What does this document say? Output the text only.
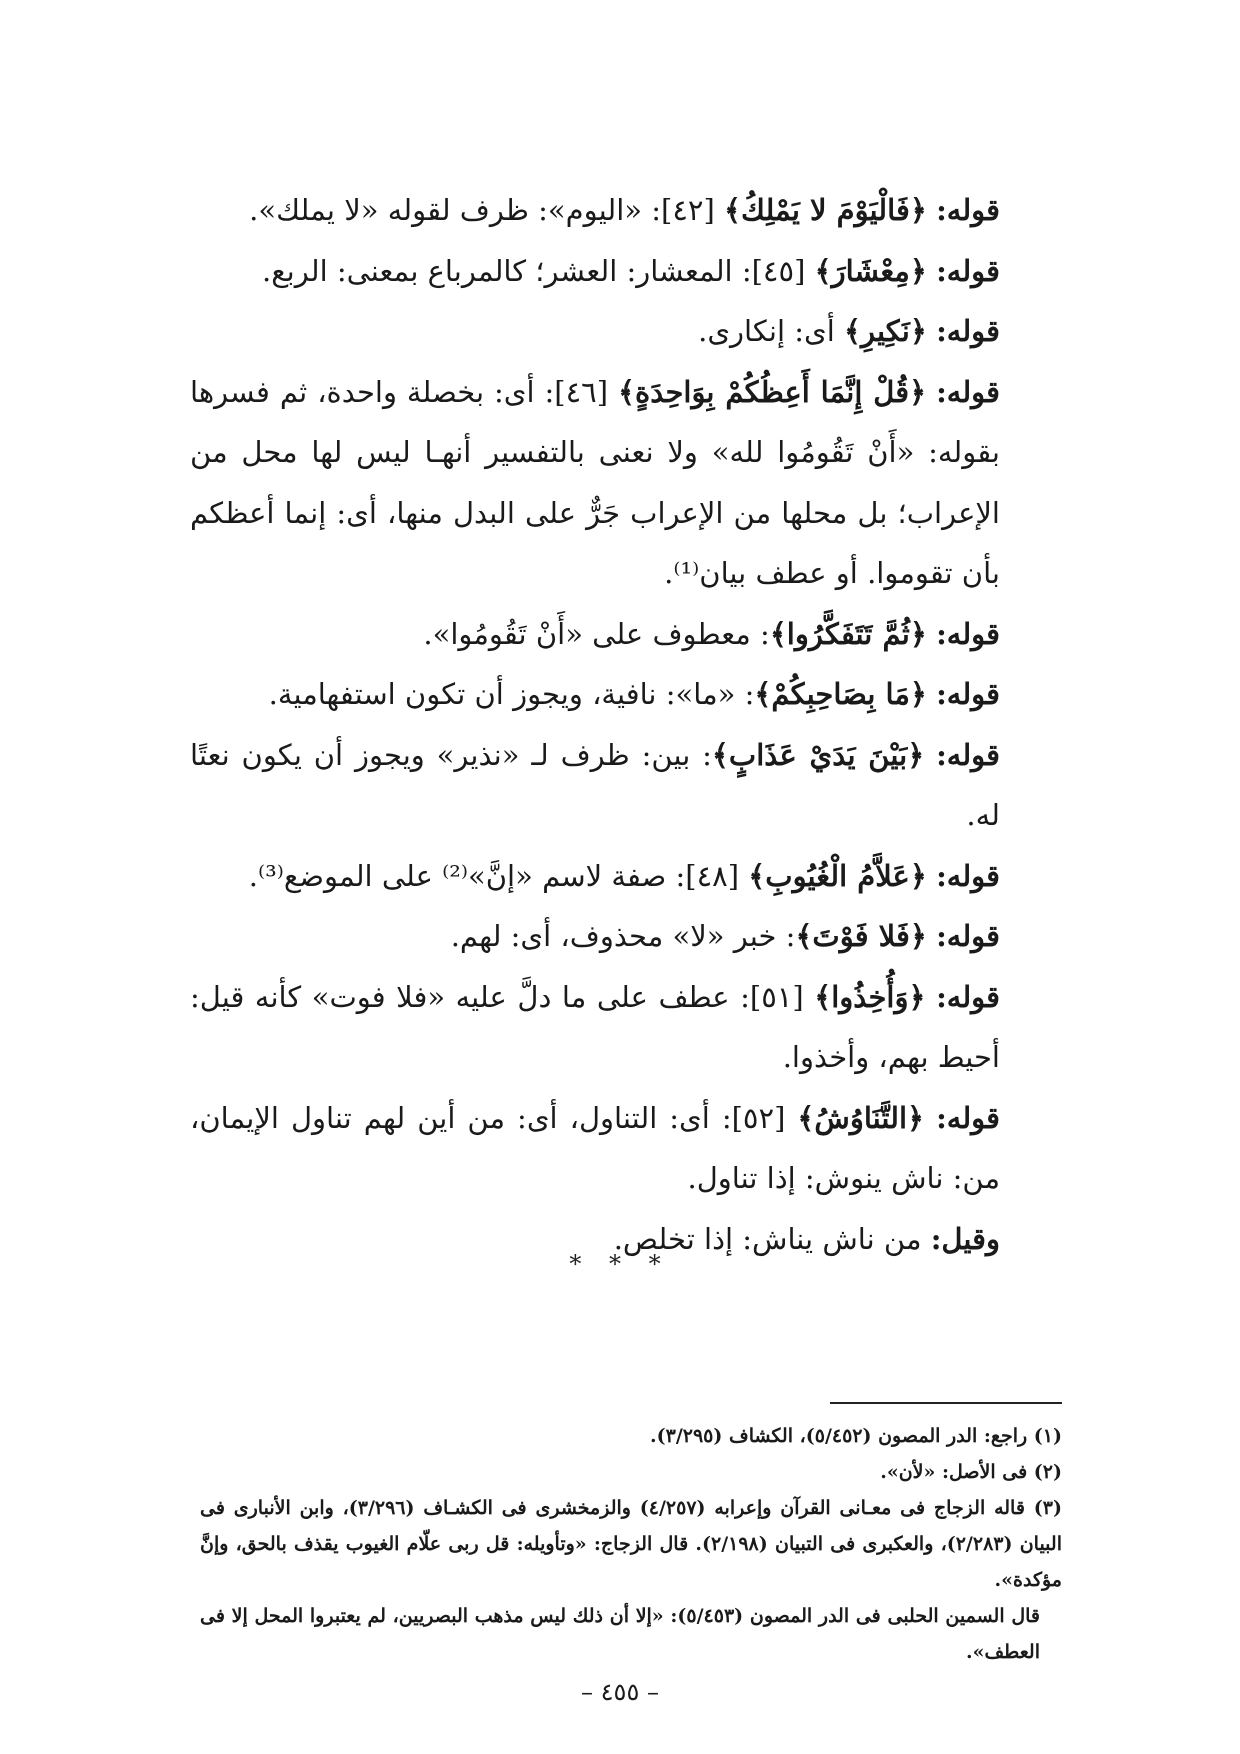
قوله: ﴿فَالْيَوْمَ لا يَمْلِكُ﴾ [٤٢]: «اليوم»: ظرف لقوله «لا يملك».

قوله: ﴿مِعْشَارَ﴾ [٤٥]: المعشار: العشر؛ كالمرباع بمعنى: الربع.

قوله: ﴿نَكِيرِ﴾ أى: إنكارى.

قوله: ﴿قُلْ إِنَّمَا أَعِظُكُمْ بِوَاحِدَةٍ﴾ [٤٦]: أى: بخصلة واحدة، ثم فسرها بقوله: «أَنْ تَقُومُوا لله» ولا نعنى بالتفسير أنهـا ليس لها محل من الإعراب؛ بل محلها من الإعراب جَرٌّ على البدل منها، أى: إنما أعظكم بأن تقوموا. أو عطف بيان⁽¹⁾.

قوله: ﴿ثُمَّ تَتَفَكَّرُوا﴾: معطوف على «أَنْ تَقُومُوا».

قوله: ﴿مَا بِصَاحِبِكُمْ﴾: «ما»: نافية، ويجوز أن تكون استفهامية.

قوله: ﴿بَيْنَ يَدَيْ عَذَابٍ﴾: بين: ظرف لـ «نذير» ويجوز أن يكون نعتًا له.

قوله: ﴿عَلاَّمُ الْغُيُوبِ﴾ [٤٨]: صفة لاسم «إنَّ»⁽²⁾ على الموضع⁽³⁾.

قوله: ﴿فَلا فَوْتَ﴾: خبر «لا» محذوف، أى: لهم.

قوله: ﴿وَأُخِذُوا﴾ [٥١]: عطف على ما دلَّ عليه «فلا فوت» كأنه قيل: أحيط بهم، وأخذوا.

قوله: ﴿التَّنَاوُشُ﴾ [٥٢]: أى: التناول، أى: من أين لهم تناول الإيمان، من: ناش ينوش: إذا تناول.

وقيل: من ناش يناش: إذا تخلص.

* * *

(١) راجع: الدر المصون (٥/٤٥٢)، الكشاف (٣/٢٩٥).

(٢) فى الأصل: «لأن».

(٣) قاله الزجاج فى معـانى القرآن وإعرابه (٤/٢٥٧) والزمخشرى فى الكشـاف (٣/٢٩٦)، وابن الأنبارى فى البيان (٢/٢٨٣)، والعكبرى فى التبيان (٢/١٩٨). قال الزجاج: «وتأويله: قل ربى علّام الغيوب يقذف بالحق، وإنَّ مؤكدة».

قال السمين الحلبى فى الدر المصون (٥/٤٥٣): «إلا أن ذلك ليس مذهب البصريين، لم يعتبروا المحل إلا فى العطف».

– ٤٥٥ –
